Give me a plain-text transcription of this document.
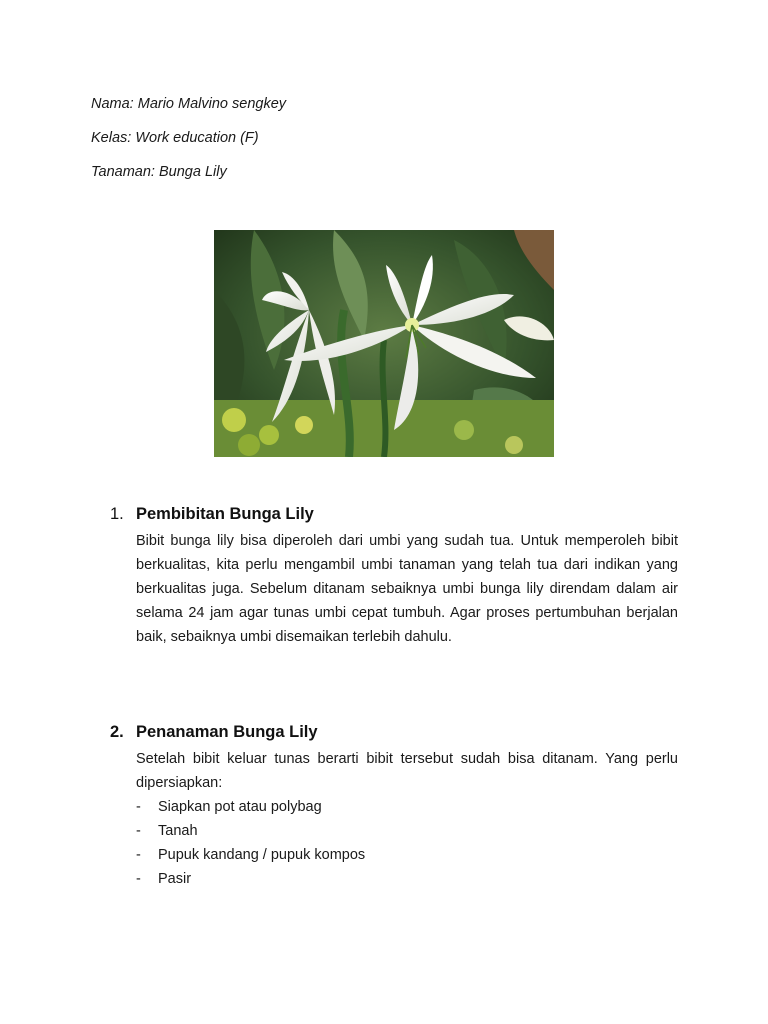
Nama: Mario Malvino sengkey
Kelas: Work education (F)
Tanaman: Bunga Lily
1. Pembibitan Bunga Lily
Bibit bunga lily bisa diperoleh dari umbi yang sudah tua. Untuk memperoleh bibit berkualitas, kita perlu mengambil umbi tanaman yang telah tua dari indikan yang berkualitas juga. Sebelum ditanam sebaiknya umbi bunga lily direndam dalam air selama 24 jam agar tunas umbi cepat tumbuh. Agar proses pertumbuhan berjalan baik, sebaiknya umbi disemaikan terlebih dahulu.
2. Penanaman Bunga Lily
Setelah bibit keluar tunas berarti bibit tersebut sudah bisa ditanam. Yang perlu dipersiapkan:
-	Siapkan pot atau polybag
-	Tanah
-	Pupuk kandang / pupuk kompos
-	Pasir
